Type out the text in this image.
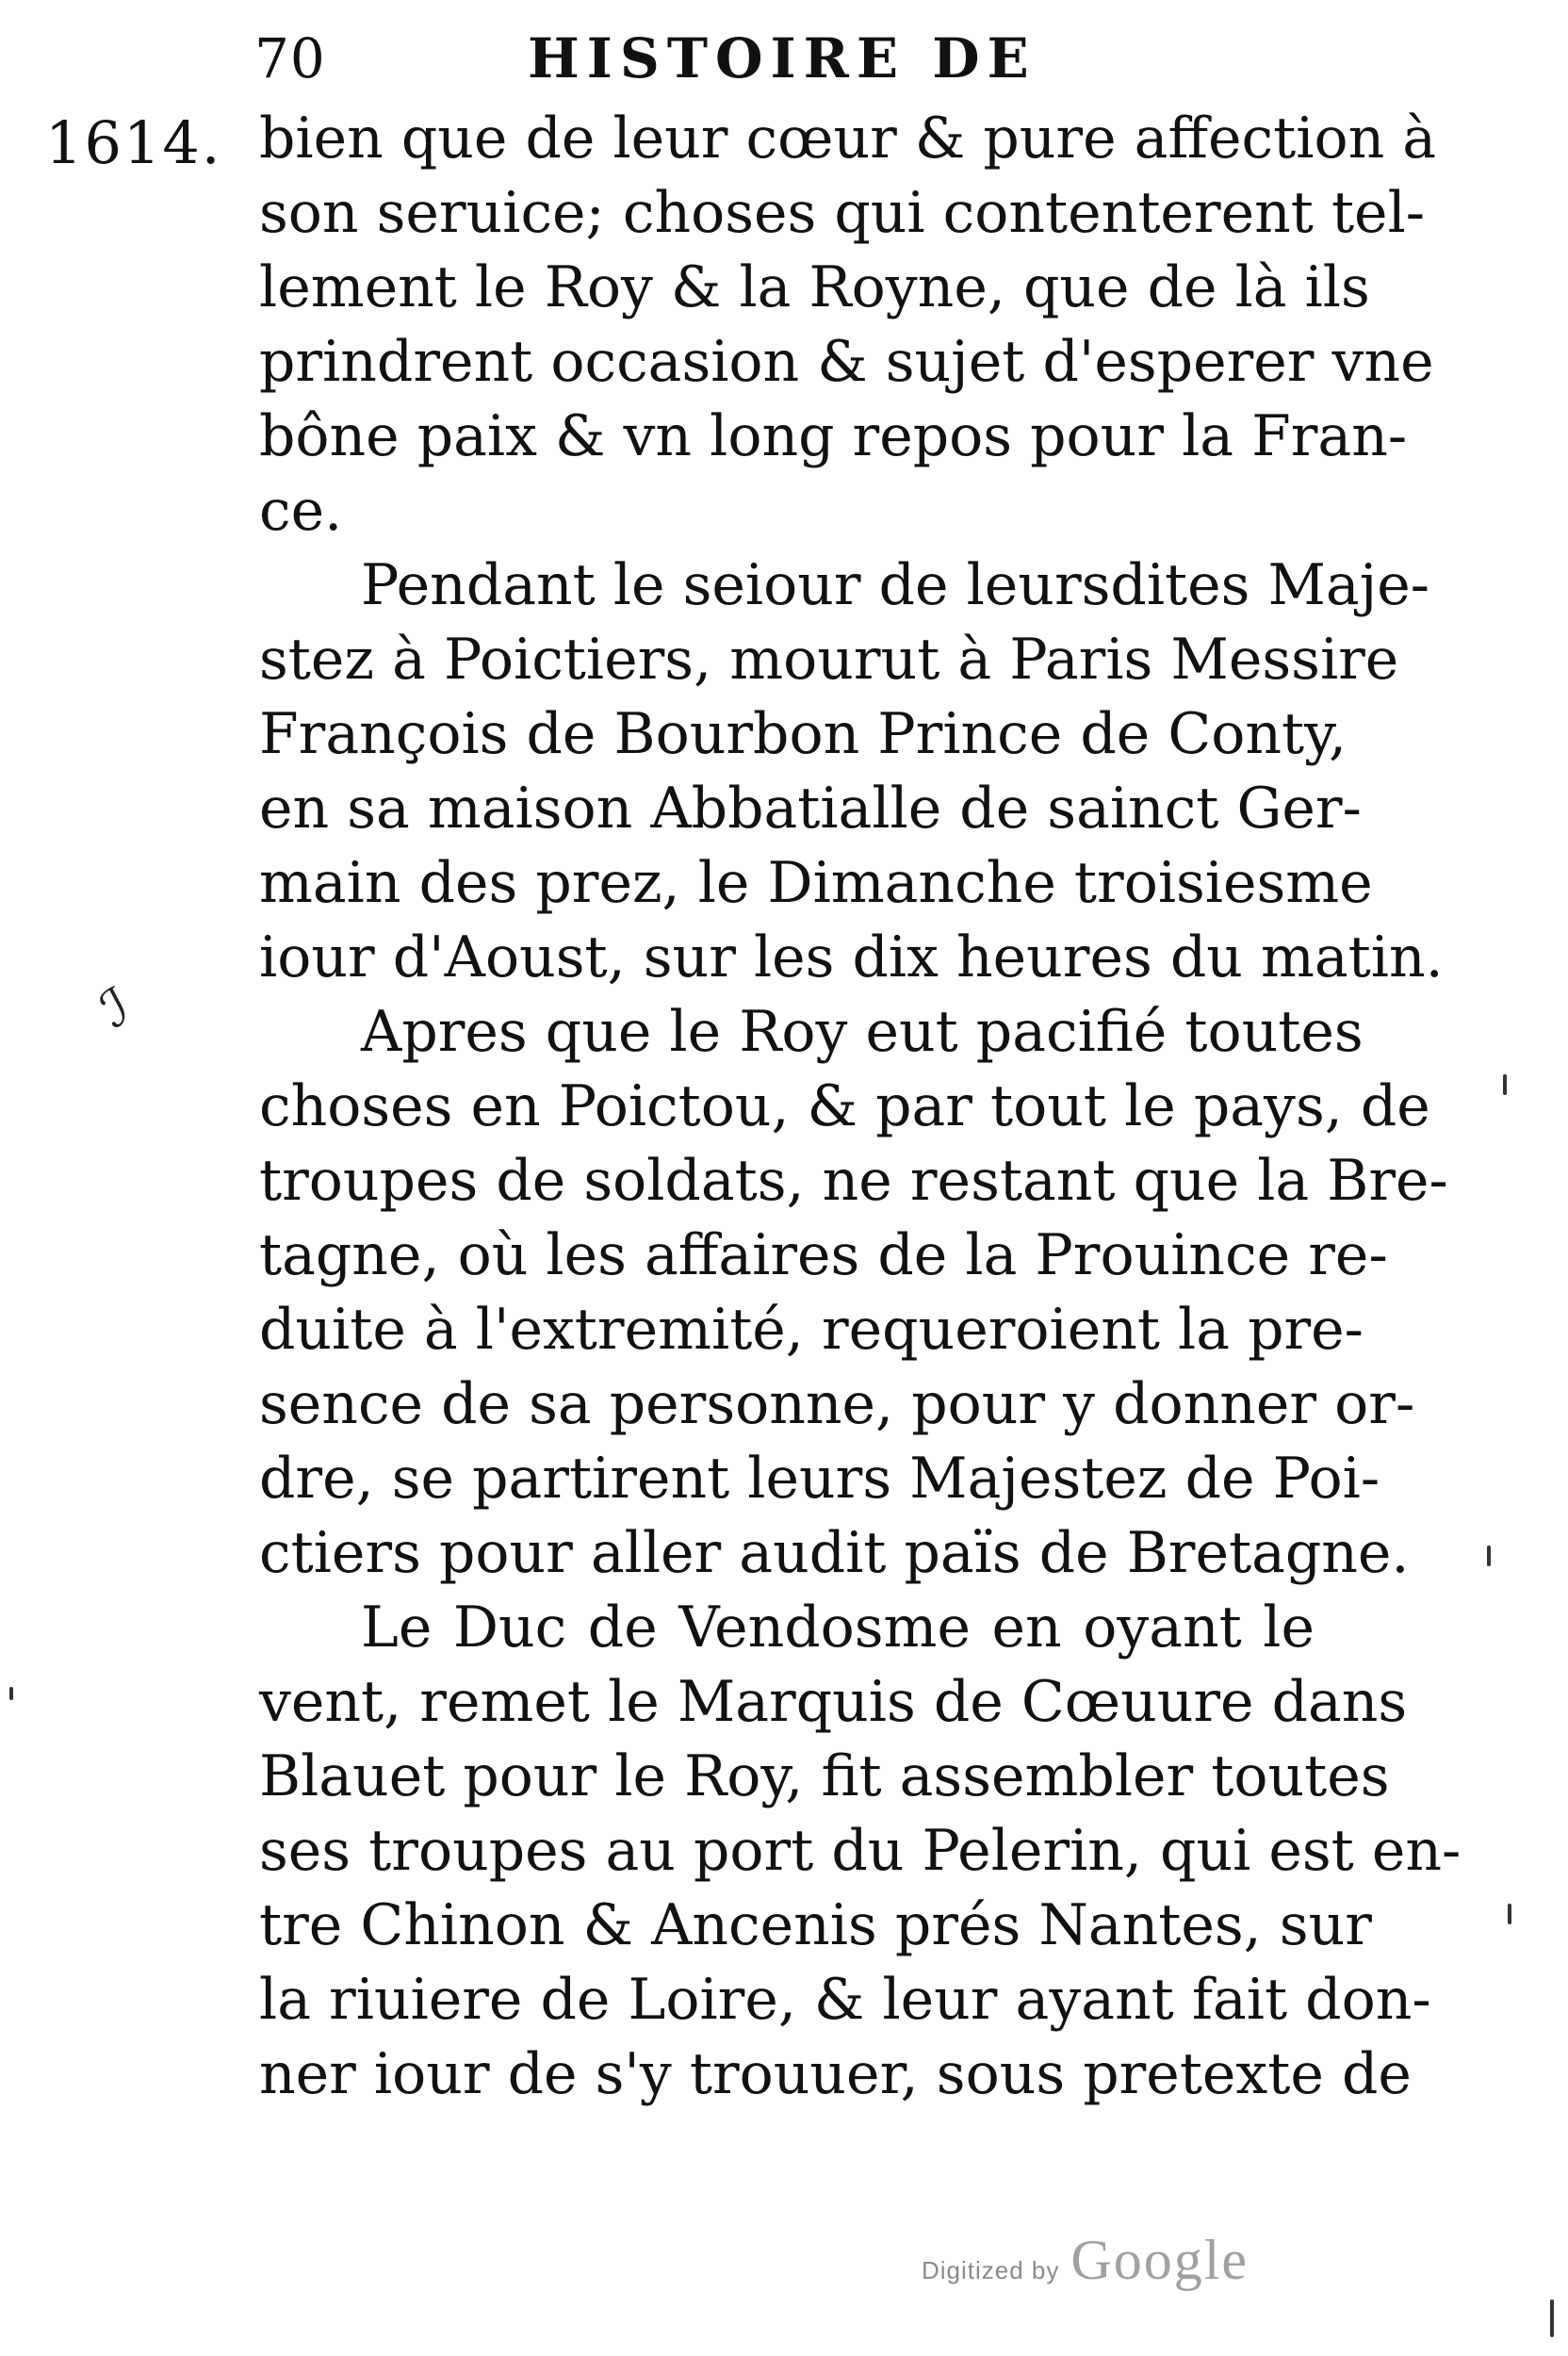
70	HISTOIRE DE
1614.
ℐ

bien que de leur cœur & pure affection à
son seruice; choses qui contenterent tel-
lement le Roy & la Royne, que de là ils
prindrent occasion & sujet d'esperer vne
bône paix & vn long repos pour la Fran-
ce.

Pendant le seiour de leursdites Maje-
stez à Poictiers, mourut à Paris Messire
François de Bourbon Prince de Conty,
en sa maison Abbatialle de sainct Ger-
main des prez, le Dimanche troisiesme
iour d'Aoust, sur les dix heures du matin.

Apres que le Roy eut pacifié toutes
choses en Poictou, & par tout le pays, de
troupes de soldats, ne restant que la Bre-
tagne, où les affaires de la Prouince re-
duite à l'extremité, requeroient la pre-
sence de sa personne, pour y donner or-
dre, se partirent leurs Majestez de Poi-
ctiers pour aller audit païs de Bretagne.

Le Duc de Vendosme en oyant le
vent, remet le Marquis de Cœuure dans
Blauet pour le Roy, fit assembler toutes
ses troupes au port du Pelerin, qui est en-
tre Chinon & Ancenis prés Nantes, sur
la riuiere de Loire, & leur ayant fait don-
ner iour de s'y trouuer, sous pretexte de

Digitized by Google
